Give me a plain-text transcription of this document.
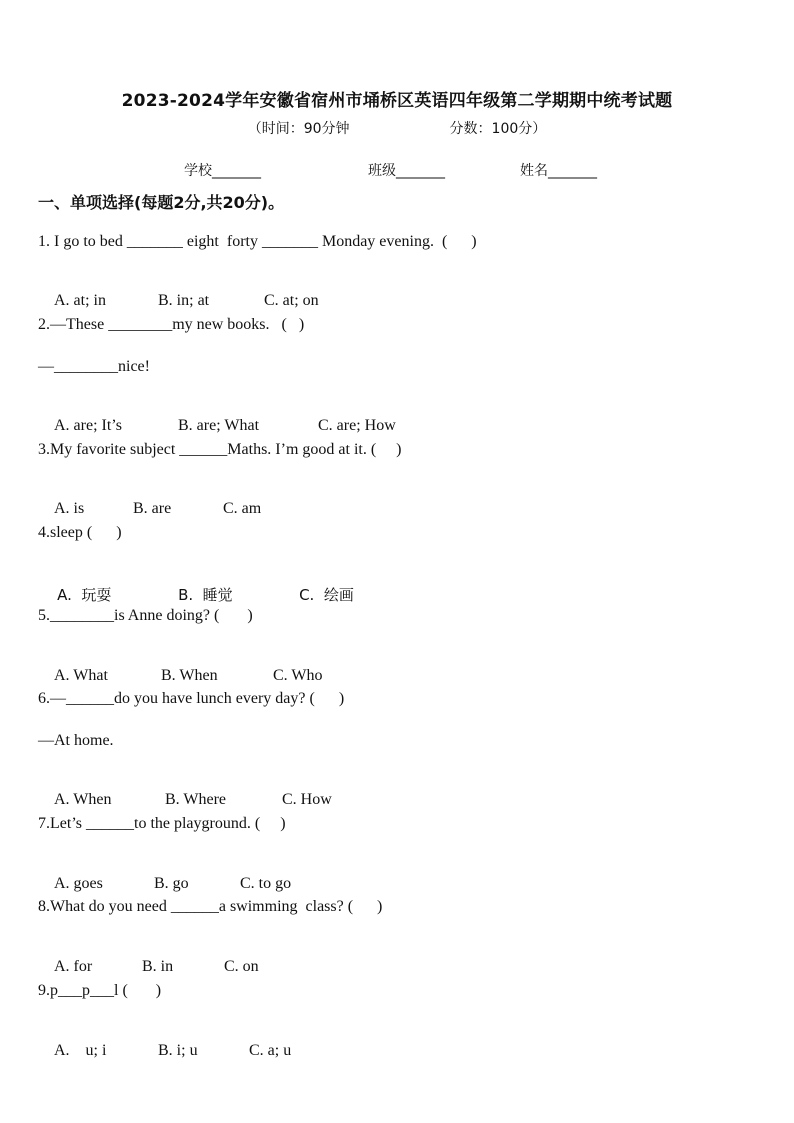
2023-2024学年安徽省宿州市埇桥区英语四年级第二学期期中统考试题
（时间：90分钟	分数：100分）
学校_______	班级_______	姓名_______
一、单项选择(每题2分,共20分)。
1. I go to bed _______ eight  forty _______ Monday evening.  (      )

A. at; in	B. in; at	C. at; on

2.—These ________my new books.   (   )
—________nice!

A. are; It’s	B. are; What	C. are; How

3.My favorite subject ______Maths. I’m good at it. (     )

A. is	B. are	C. am

4.sleep (      )

A.  玩耍	B.  睡觉	C.  绘画

5.________is Anne doing? (       )

A. What	B. When	C. Who

6.—______do you have lunch every day? (      )
—At home.

A. When	B. Where	C. How

7.Let’s ______to the playground. (     )

A. goes	B. go	C. to go

8.What do you need ______a swimming  class? (      )

A. for	B. in	C. on

9.p___p___l (       )

A.    u; i	B. i; u	C. a; u
